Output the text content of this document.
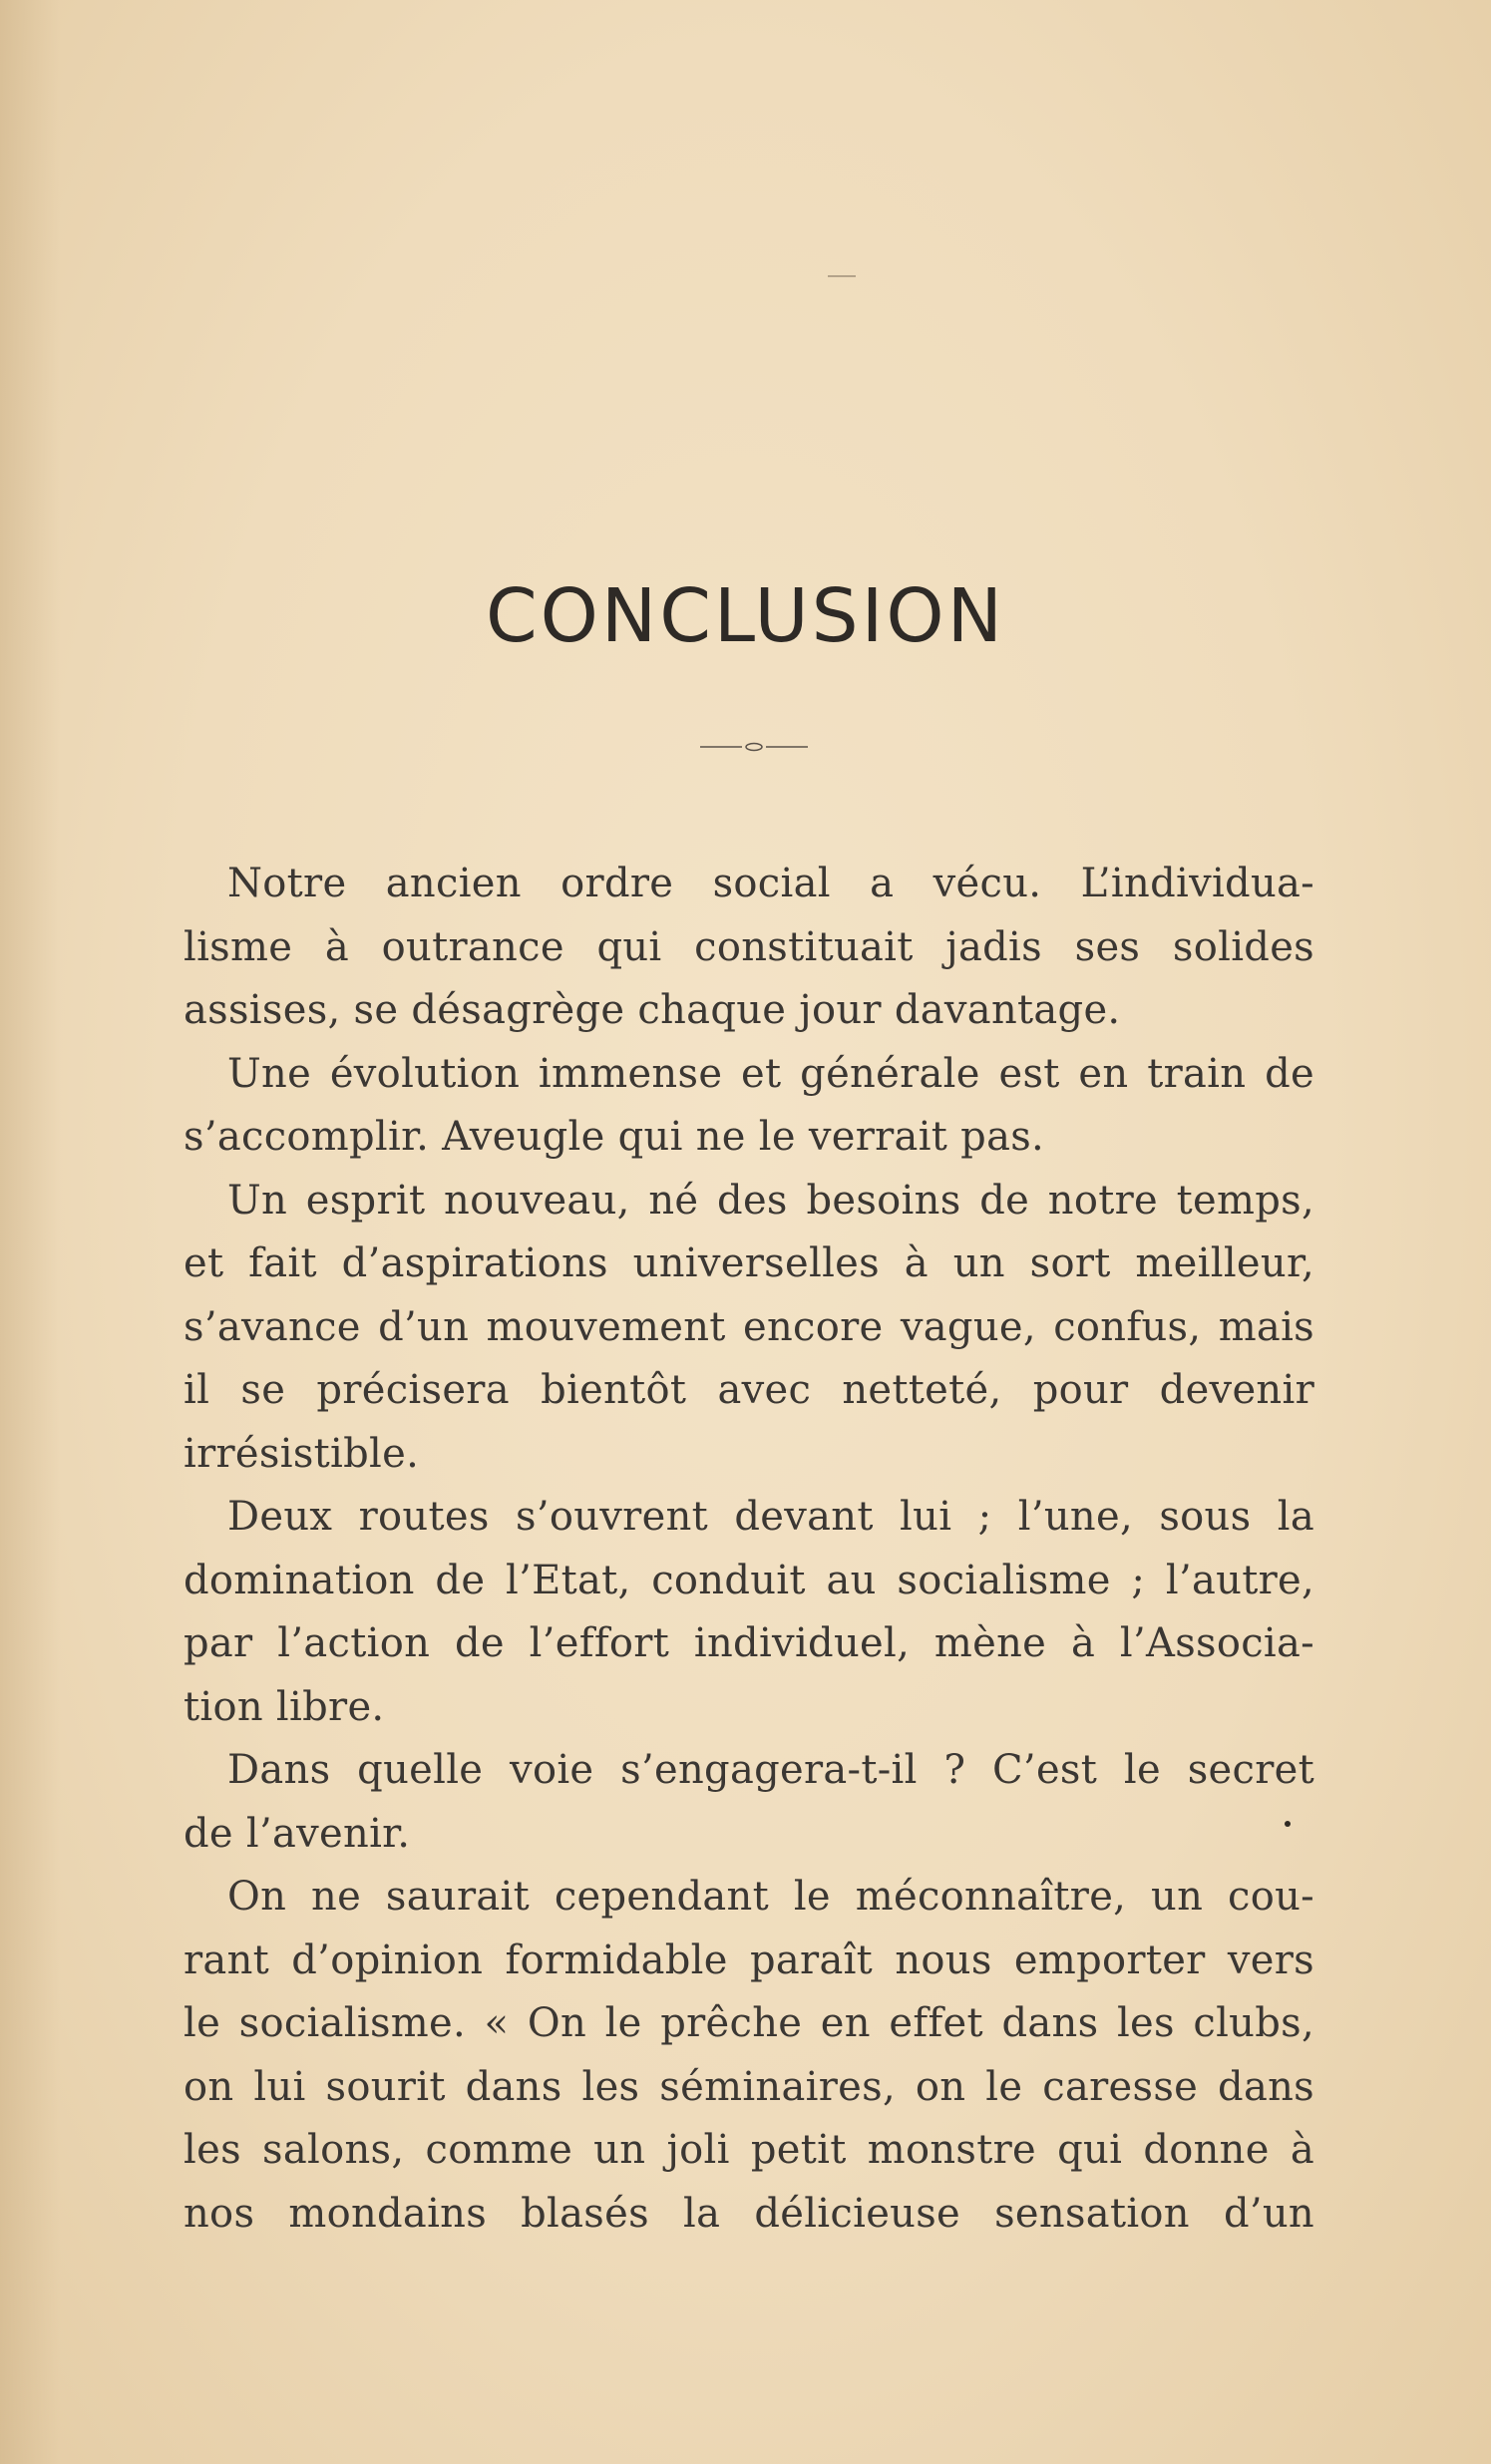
CONCLUSION
Notre ancien ordre social a vécu. L’individua-
lisme à outrance qui constituait jadis ses solides
assises, se désagrège chaque jour davantage.
Une évolution immense et générale est en train de
s’accomplir. Aveugle qui ne le verrait pas.
Un esprit nouveau, né des besoins de notre temps,
et fait d’aspirations universelles à un sort meilleur,
s’avance d’un mouvement encore vague, confus, mais
il se précisera bientôt avec netteté, pour devenir
irrésistible.
Deux routes s’ouvrent devant lui ; l’une, sous la
domination de l’Etat, conduit au socialisme ; l’autre,
par l’action de l’effort individuel, mène à l’Associa-
tion libre.
Dans quelle voie s’engagera-t-il ? C’est le secret
de l’avenir.
On ne saurait cependant le méconnaître, un cou-
rant d’opinion formidable paraît nous emporter vers
le socialisme. « On le prêche en effet dans les clubs,
on lui sourit dans les séminaires, on le caresse dans
les salons, comme un joli petit monstre qui donne à
nos mondains blasés la délicieuse sensation d’un
